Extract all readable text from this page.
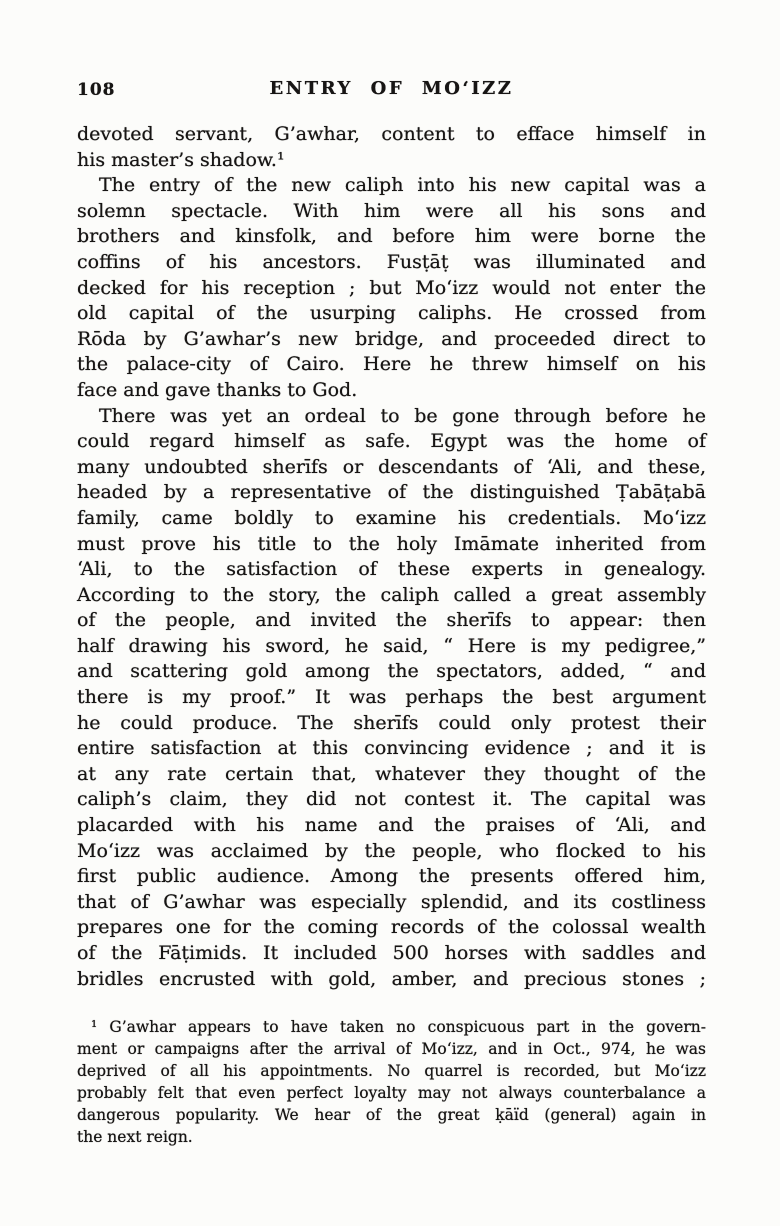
108	ENTRY OF MO‘IZZ
devoted servant, G’awhar, content to efface himself in
his master’s shadow.¹
The entry of the new caliph into his new capital was a
solemn spectacle. With him were all his sons and
brothers and kinsfolk, and before him were borne the
coffins of his ancestors. Fusṭāṭ was illuminated and
decked for his reception ; but Mo‘izz would not enter the
old capital of the usurping caliphs. He crossed from
Rōda by G’awhar’s new bridge, and proceeded direct to
the palace-city of Cairo. Here he threw himself on his
face and gave thanks to God.
There was yet an ordeal to be gone through before he
could regard himself as safe. Egypt was the home of
many undoubted sherīfs or descendants of ‘Ali, and these,
headed by a representative of the distinguished Ṭabāṭabā
family, came boldly to examine his credentials. Mo‘izz
must prove his title to the holy Imāmate inherited from
‘Ali, to the satisfaction of these experts in genealogy.
According to the story, the caliph called a great assembly
of the people, and invited the sherīfs to appear: then
half drawing his sword, he said, “ Here is my pedigree,”
and scattering gold among the spectators, added, “ and
there is my proof.” It was perhaps the best argument
he could produce. The sherīfs could only protest their
entire satisfaction at this convincing evidence ; and it is
at any rate certain that, whatever they thought of the
caliph’s claim, they did not contest it. The capital was
placarded with his name and the praises of ‘Ali, and
Mo‘izz was acclaimed by the people, who flocked to his
first public audience. Among the presents offered him,
that of G’awhar was especially splendid, and its costliness
prepares one for the coming records of the colossal wealth
of the Fāṭimids. It included 500 horses with saddles and
bridles encrusted with gold, amber, and precious stones ;
¹ G’awhar appears to have taken no conspicuous part in the govern-
ment or campaigns after the arrival of Mo‘izz, and in Oct., 974, he was
deprived of all his appointments. No quarrel is recorded, but Mo‘izz
probably felt that even perfect loyalty may not always counterbalance a
dangerous popularity. We hear of the great ḳāïd (general) again in
the next reign.
